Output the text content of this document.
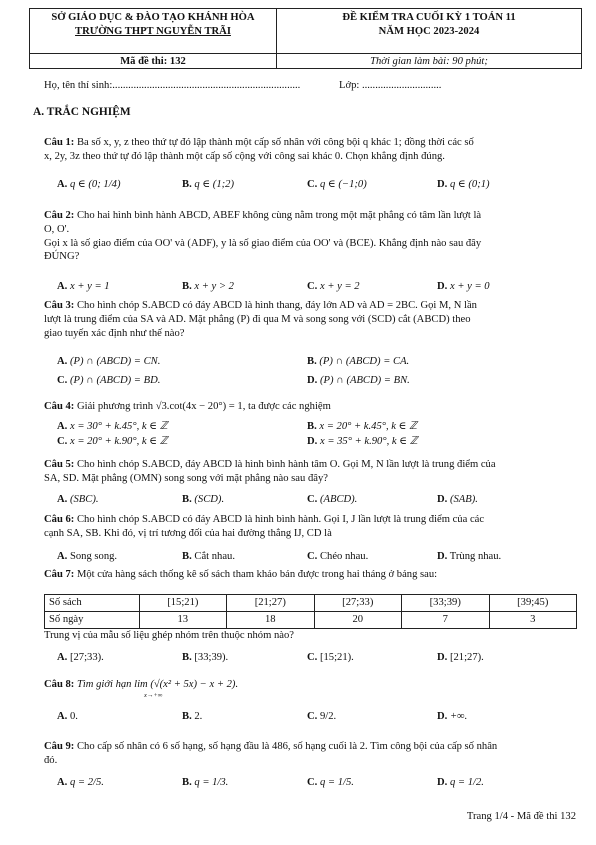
SỞ GIÁO DỤC & ĐÀO TẠO KHÁNH HÒA
TRƯỜNG THPT NGUYỄN TRÃI
Mã đề thi: 132
ĐỀ KIỂM TRA CUỐI KỲ 1 TOÁN 11
NĂM HỌC 2023-2024
Thời gian làm bài: 90 phút;
Họ, tên thí sinh:.......................................................................	Lớp: ..............................
A. TRẮC NGHIỆM
Câu 1: Ba số x, y, z theo thứ tự đó lập thành một cấp số nhân với công bội q khác 1; đồng thời các số
x, 2y, 3z theo thứ tự đó lập thành một cấp số cộng với công sai khác 0. Chọn khẳng định đúng.
A. q ∈ (0; 1/4)	B. q ∈ (1;2)	C. q ∈ (−1;0)	D. q ∈ (0;1)
Câu 2: Cho hai hình bình hành ABCD, ABEF không cùng nằm trong một mặt phẳng có tâm lần lượt là
O, O'.
Gọi x là số giao điểm của OO' và (ADF), y là số giao điểm của OO' và (BCE). Khẳng định nào sau đây
ĐÚNG?
A. x + y = 1	B. x + y > 2	C. x + y = 2	D. x + y = 0
Câu 3: Cho hình chóp S.ABCD có đáy ABCD là hình thang, đáy lớn AD và AD = 2BC. Gọi M, N lần
lượt là trung điểm của SA và AD. Mặt phẳng (P) đi qua M và song song với (SCD) cắt (ABCD) theo
giao tuyến xác định như thế nào?
A. (P) ∩ (ABCD) = CN.	B. (P) ∩ (ABCD) = CA.
C. (P) ∩ (ABCD) = BD.	D. (P) ∩ (ABCD) = BN.
Câu 4: Giải phương trình √3.cot(4x − 20°) = 1, ta được các nghiệm
A. x = 30° + k.45°, k ∈ ℤ	B. x = 20° + k.45°, k ∈ ℤ
C. x = 20° + k.90°, k ∈ ℤ	D. x = 35° + k.90°, k ∈ ℤ
Câu 5: Cho hình chóp S.ABCD, đáy ABCD là hình bình hành tâm O. Gọi M, N lần lượt là trung điểm của
SA, SD. Mặt phẳng (OMN) song song với mặt phẳng nào sau đây?
A. (SBC).	B. (SCD).	C. (ABCD).	D. (SAB).
Câu 6: Cho hình chóp S.ABCD có đáy ABCD là hình bình hành. Gọi I, J lần lượt là trung điểm của các
cạnh SA, SB. Khi đó, vị trí tương đối của hai đường thẳng IJ, CD là
A. Song song.	B. Cắt nhau.	C. Chéo nhau.	D. Trùng nhau.
Câu 7: Một cửa hàng sách thống kê số sách tham khảo bán được trong hai tháng ở bảng sau:
Số sách	[15;21)	[21;27)	[27;33)	[33;39)	[39;45)
Số ngày	13	18	20	7	3
Trung vị của mẫu số liệu ghép nhóm trên thuộc nhóm nào?
A. [27;33).	B. [33;39).	C. [15;21).	D. [21;27).
Câu 8: Tìm giới hạn lim (√(x² + 5x) − x + 2).
x→+∞
A. 0.	B. 2.	C. 9/2.	D. +∞.
Câu 9: Cho cấp số nhân có 6 số hạng, số hạng đầu là 486, số hạng cuối là 2. Tìm công bội của cấp số nhân
đó.
A. q = 2/5.	B. q = 1/3.	C. q = 1/5.	D. q = 1/2.
Trang 1/4 - Mã đề thi 132
